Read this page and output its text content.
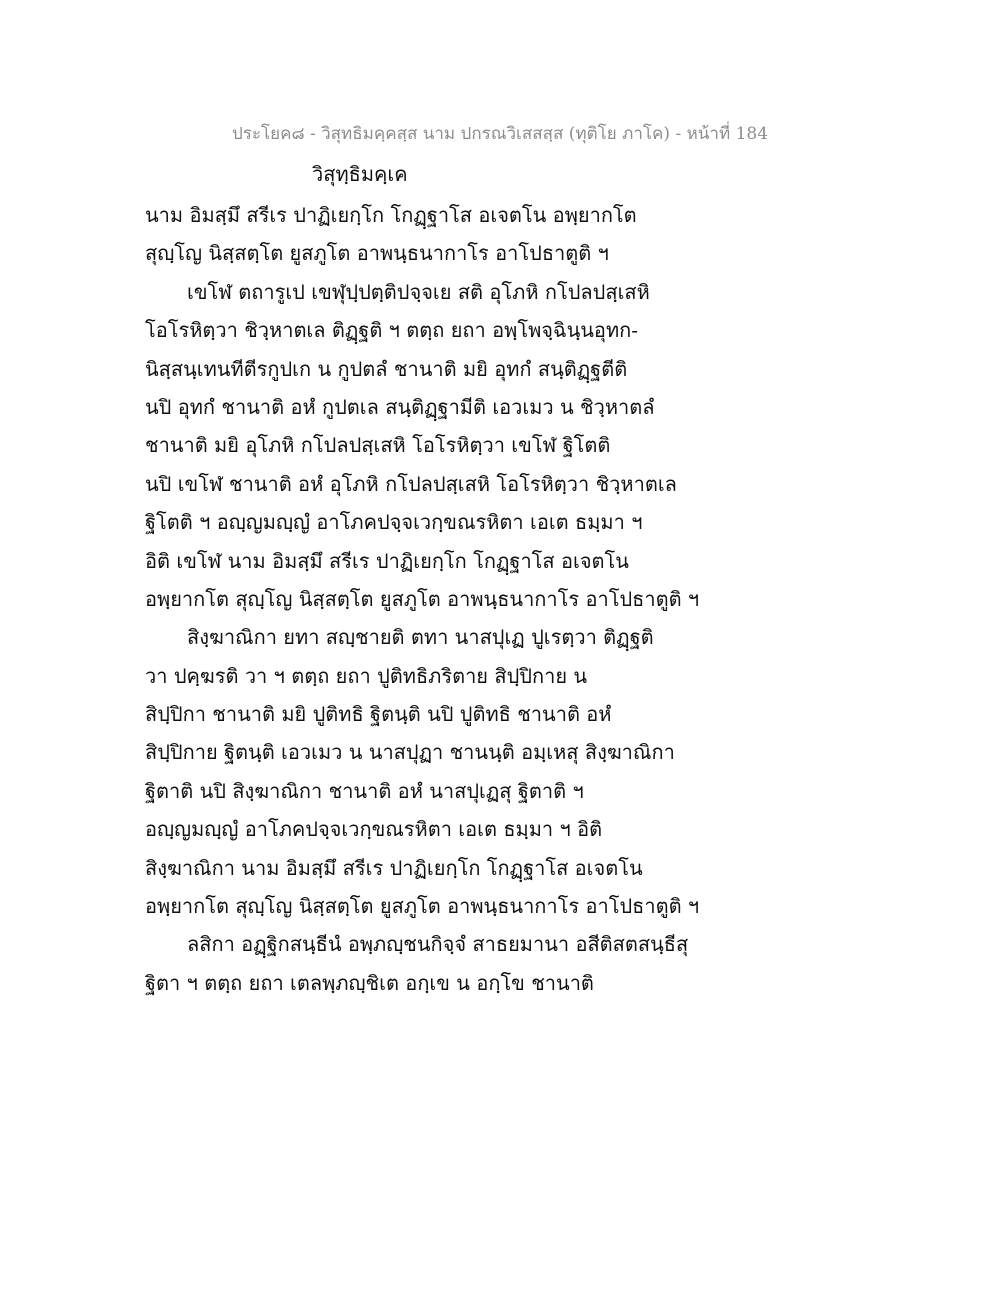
ประโยค๘ - วิสุทธิมคฺคสฺส นาม ปกรณวิเสสสฺส (ทุติโย ภาโค) - หน้าที่ 184
วิสุทฺธิมคฺเค
นาม อิมสฺมึ สรีเร ปาฏิเยกฺโก โกฏฺฐาโส อเจตโน อพฺยากโต
สุญฺโญ นิสฺสตฺโต ยูสภูโต อาพนฺธนากาโร อาโปธาตูติ ฯ
เขโฬ ตถารูเป เขฬุปฺปตฺติปจฺจเย สติ อุโภหิ กโปลปสฺเสหิ
โอโรหิตฺวา ชิวฺหาตเล ติฏฺฐติ ฯ ตตฺถ ยถา อพฺโพจฺฉินฺนอุทก-
นิสฺสนฺเทนทีตีรกูปเก น กูปตลํ ชานาติ มยิ อุทกํ สนฺติฏฺฐตีติ
นปิ อุทกํ ชานาติ อหํ กูปตเล สนฺติฏฺฐามีติ เอวเมว น ชิวฺหาตลํ
ชานาติ มยิ อุโภหิ กโปลปสฺเสหิ โอโรหิตฺวา เขโฬ ฐิโตติ
นปิ เขโฬ ชานาติ อหํ อุโภหิ กโปลปสฺเสหิ โอโรหิตฺวา ชิวฺหาตเล
ฐิโตติ ฯ อญฺญมญฺญํ อาโภคปจฺจเวกฺขณรหิตา เอเต ธมฺมา ฯ
อิติ เขโฬ นาม อิมสฺมึ สรีเร ปาฏิเยกฺโก โกฏฺฐาโส อเจตโน
อพฺยากโต สุญฺโญ นิสฺสตฺโต ยูสภูโต อาพนฺธนากาโร อาโปธาตูติ ฯ
สิงฺฆาณิกา ยทา สญฺชายติ ตทา นาสปุเฏ ปูเรตฺวา ติฏฺฐติ
วา ปคฺฆรติ วา ฯ ตตฺถ ยถา ปูติทธิภริตาย สิปฺปิกาย น
สิปฺปิกา ชานาติ มยิ ปูติทธิ ฐิตนฺติ นปิ ปูติทธิ ชานาติ อหํ
สิปฺปิกาย ฐิตนฺติ เอวเมว น นาสปุฏา ชานนฺติ อมฺเหสุ สิงฺฆาณิกา
ฐิตาติ นปิ สิงฺฆาณิกา ชานาติ อหํ นาสปุเฏสุ ฐิตาติ ฯ
อญฺญมญฺญํ อาโภคปจฺจเวกฺขณรหิตา เอเต ธมฺมา ฯ อิติ
สิงฺฆาณิกา นาม อิมสฺมึ สรีเร ปาฏิเยกฺโก โกฏฺฐาโส อเจตโน
อพฺยากโต สุญฺโญ นิสฺสตฺโต ยูสภูโต อาพนฺธนากาโร อาโปธาตูติ ฯ
ลสิกา อฏฺฐิกสนฺธีนํ อพฺภญฺชนกิจฺจํ สาธยมานา อสีติสตสนฺธีสุ
ฐิตา ฯ ตตฺถ ยถา เตลพฺภญฺชิเต อกฺเข น อกฺโข ชานาติ
